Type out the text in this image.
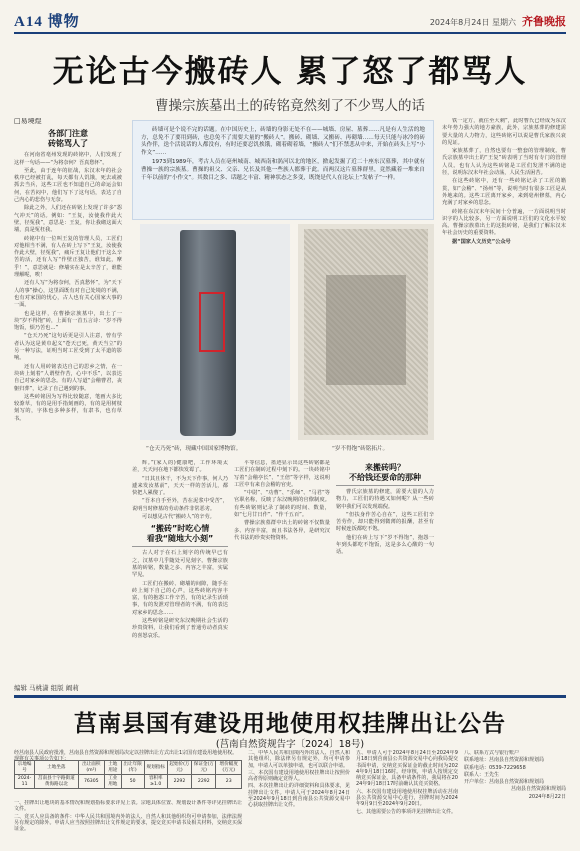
A14 博物	2024年8月24日 星期六 齐鲁晚报
无论古今搬砖人 累了怒了都骂人
曹操宗族墓出土的砖铭竟然刻了不少骂人的话
□易境煜
各部门注意
砖铭骂人了

在河南省亳州发现的砖铭中，人们发现了这样一句话——“为将奈何？吾真愁怀”。

至此，由于连年的征战，东汉末年的社会秩序已经被打乱，每天都有人饥饿，死去或被抓去当兵，这些工匠也不知道自己的命运会如何，在苦闷中，他们写下了这句话，表达了自己内心的悲伤与无奈。

除此之外，人们还在砖铭上发现了许多“怨气冲天”的话。例如：“王复，汝使我作此大壁，径冤我”，意思是：王复，你让我砌这面大墙，真是冤枉我。

砖铭中有一位叫王复的管理人员，工匠们对他相当不满，有人在砖上写下“王复，汝使我作此大壁，径冤我”，痛斥王复让他们干这么辛苦的活，还有人写“作壁正独苦，谁知此，摩乎！”，意思就是：修墙实在是太辛苦了，谁能理解呢，唉！

还有人写“为将奈何，吾真愁怀”，为“天下人的事”操心，这里面既有对自己处境的不满，也有对家国的忧心，古人也有关心国家大事的一面。

也是这样，在曹操宗族墓中，出土了一块“岁不得饱”砖，上面有一首五言诗：“岁不得饱饭，烦乃苦也…”

“仓天乃死”这句话更是引人注意，曾有学者认为这是黄巾起义“苍天已死，黄天当立”的另一种写法，证明当时工匠受到了太平道的影响。

还有人用砖铭表达自己的思乡之情，在一块砖上刻着“人谓壁作苦，心中不乐”，以表达自己对家乡的思念。有的人写道“会稽曹君，丧躯归葬”，记录了自己遇到的事。

这些砖铭因为写得比较随意，笔画大多比较潦草，有的是用手指刻画的，有的是用树枝刻写的，字体也多种多样，有隶书，也有草书。

砖墙可是个说不完的话题。在中国历史上，砖墙的身影无处不在——城墙、房屋、墓葬……凡是有人生活的地方，总免不了要用到砖，也总免不了需要大量的“搬砖人”。搬砖、砌墙、又搬砖、再砌墙……每天只能与冰冷的砖头作伴，迭个活说话的人都没有，有时还要忍饥挨饿，砌着砌着墙，“搬砖人”们不禁悲从中来，开始在砖头上写“小作文”……

1973到1989年，考古人员在亳州城南、城西南和涡河以北的地区，掀起发掘了近二十座东汉墓葬，其中就有曹操一族的宗族墓。曹操的祖父、父亲、兄长及其他一些族人都葬于此。而两汉这片墓葬群里，竟然藏着一堆来自千年以前的“小作文”。其数目之多、话题之丰富、精神状态之多变，既饶是代人在论坛上“发帖子”一样。

“仓天乃死”砖，现藏中国国家博物馆。	“岁不得饱”砖铭拓片。

铁一定方，就住至大刺”，此时曹氏已经成为东汉末年势力强大的地方豪族，此外，宗族墓葬的修建需要大量的人力物力，这些砖铭可以说是曹氏家族兴衰的见证。

家族墓葬了，自然也要有一整套的管理制度。曹氏宗族墓中出土的“王复”砖表明了当时有专门的管理人员。也有人认为这些砖铭是工匠们发泄不满的途径，说明东汉末年社会动荡，人民生活困苦。

在这些砖铭中，还有一些砖铭记录了工匠的籍贯，如“会稽”、“扬州”等，说明当时有很多工匠是从外地来的。这些工匠离开家乡，来到亳州修墓，内心充满了对家乡的思念。

砖铭在东汉末年民间十分普遍，一方面说明当时识字的人比较多，另一方面说明工匠们的文化水平较高。曹操宗族墓出土的这批砖铭，是我们了解东汉末年社会历史的重要资料。

据“国家人文历史”公众号

辉。”(家人的)健康吧，工作环境太差，天天问在地下都快发霉了。

“日其且休干，不为天下作事，何人乃遽来发汝墓前”，天天一样的苦活儿，都快把人累傻了。

“吾本自手至外，苦在泥浆中受苦”，说明当时修墓的劳动条件非常恶劣。

可以想见古代“搬砖人”的辛劳。

“搬砖”时吃心情
看我“随地大小刻”

古人对于在石上刻字的传统早已有之，汉墓中几乎随处可见刻字。曹操宗族墓的砖铭，数量之多、内容之丰富，实属罕见。

工匠们在搬砖、砌墙的间隙，随手在砖上刻下自己的心声，这些砖铭内容丰富，有的抱怨工作辛苦，有的记录生活琐事，有的发泄对管理者的不满，有的表达对家乡的思念……

这些砖铭是研究东汉晚期社会生活的珍贵资料，让我们看到了普通劳动者真实的喜怒哀乐。

平等信息，墨迹显示出这些砖铭都是工匠们在制砖过程中刻下的。一块砖铭中写着“会稽亭长”、“王倍”等字样，这说明工匠中有来自会稽的官吏。

“中尉”、“功曹”、“乐师”、“马君”等官职名称，反映了东汉晚期的官僚制度。有些砖铭则记录了制砖的时间、数量，如“七月廿日作”、“作千五百”。

曹操宗族墓群中出土的砖铭不仅数量多、内容丰富，而且书法各异，是研究汉代书法的珍贵实物资料。

来搬砖吗？
不给钱还要命的那种

曹氏宗族墓的修建，需要大量的人力物力，工匠们的待遇又如何呢？从一些砖铭中我们可以发现端倪。

“但扶身作苦心自在”，这些工匠们辛苦劳作，却只能得到微薄的报酬，甚至有时候连饭都吃不饱。

他们在砖上写下“岁不得饱”，抱怨一年到头都吃不饱饭，这是多么心酸的一句话。

编辑 马桃潇 组版 阚莉
莒南县国有建设用地使用权挂牌出让公告
(莒南自然资规告字〔2024〕18号)
经莒南县人民政府批准，莒南县自然资源和规划局决定以挂牌出让方式出让1宗国有建设用地使用权。现将有关事项公告如下：
宗地编号	土地坐落	出让面积(m²)	土地用途	出让年限(年)	规划指标	起始价(万元)	保证金(万元)	增价幅度(万元)
2024-11	莒南县十字路街道黄海路以北	76305	工业用地	50	容积率≥1.0	2292	2292	23

一、挂牌出让地块的基本情况和规划指标要求详见上表。宗地具体位置、规划设计条件等详见挂牌出让文件。

二、竞买人应具备的条件：中华人民共和国境内外的法人、自然人和其他组织均可申请参加，法律法规另有规定的除外。申请人应当按照挂牌出让文件规定的要求，提交竞买申请书及相关材料，交纳竞买保证金。

二、中华人民共和国境内外的法人、自然人和其他组织，除法律另有规定外，均可申请参加，申请人可以单独申请，也可以联合申请。

三、本次国有建设用地使用权挂牌出让按照价高者得原则确定竞得人。

四、本次挂牌出让的详细资料和具体要求，见挂牌出让文件。申请人可于2024年8月24日至2024年9月18日到莒南县公共资源交易中心获取挂牌出让文件。

五、申请人可于2024年8月24日至2024年9月18日到莒南县公共资源交易中心向我局提交书面申请，交纳竞买保证金的截止时间为2024年9月18日16时。经审核，申请人按规定交纳竞买保证金，具备申请条件的，我局将在2024年9月18日17时前确认其竞买资格。

六、本次国有建设用地使用权挂牌活动在莒南县公共资源交易中心进行，挂牌时间为2024年9月9日至2024年9月20日。

七、其他需要公告的事项详见挂牌出让文件。

八、联系方式与银行账户

联系地址：莒南县自然资源和规划局

联系电话：0539-7229658

联系人：王先生

开户单位：莒南县自然资源和规划局

莒南县自然资源和规划局

2024年8月22日
